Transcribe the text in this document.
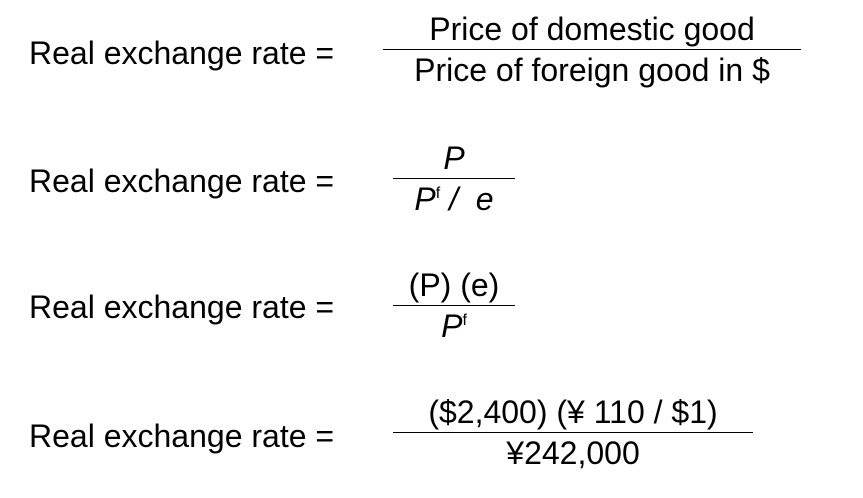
Real exchange rate =
Price of domestic good
Price of foreign good in $
Real exchange rate =
P
$P^f$ /  e
Real exchange rate =
(P) (e)
$P^f$
Real exchange rate =
($2,400) (¥ 110 / $1)
¥242,000
